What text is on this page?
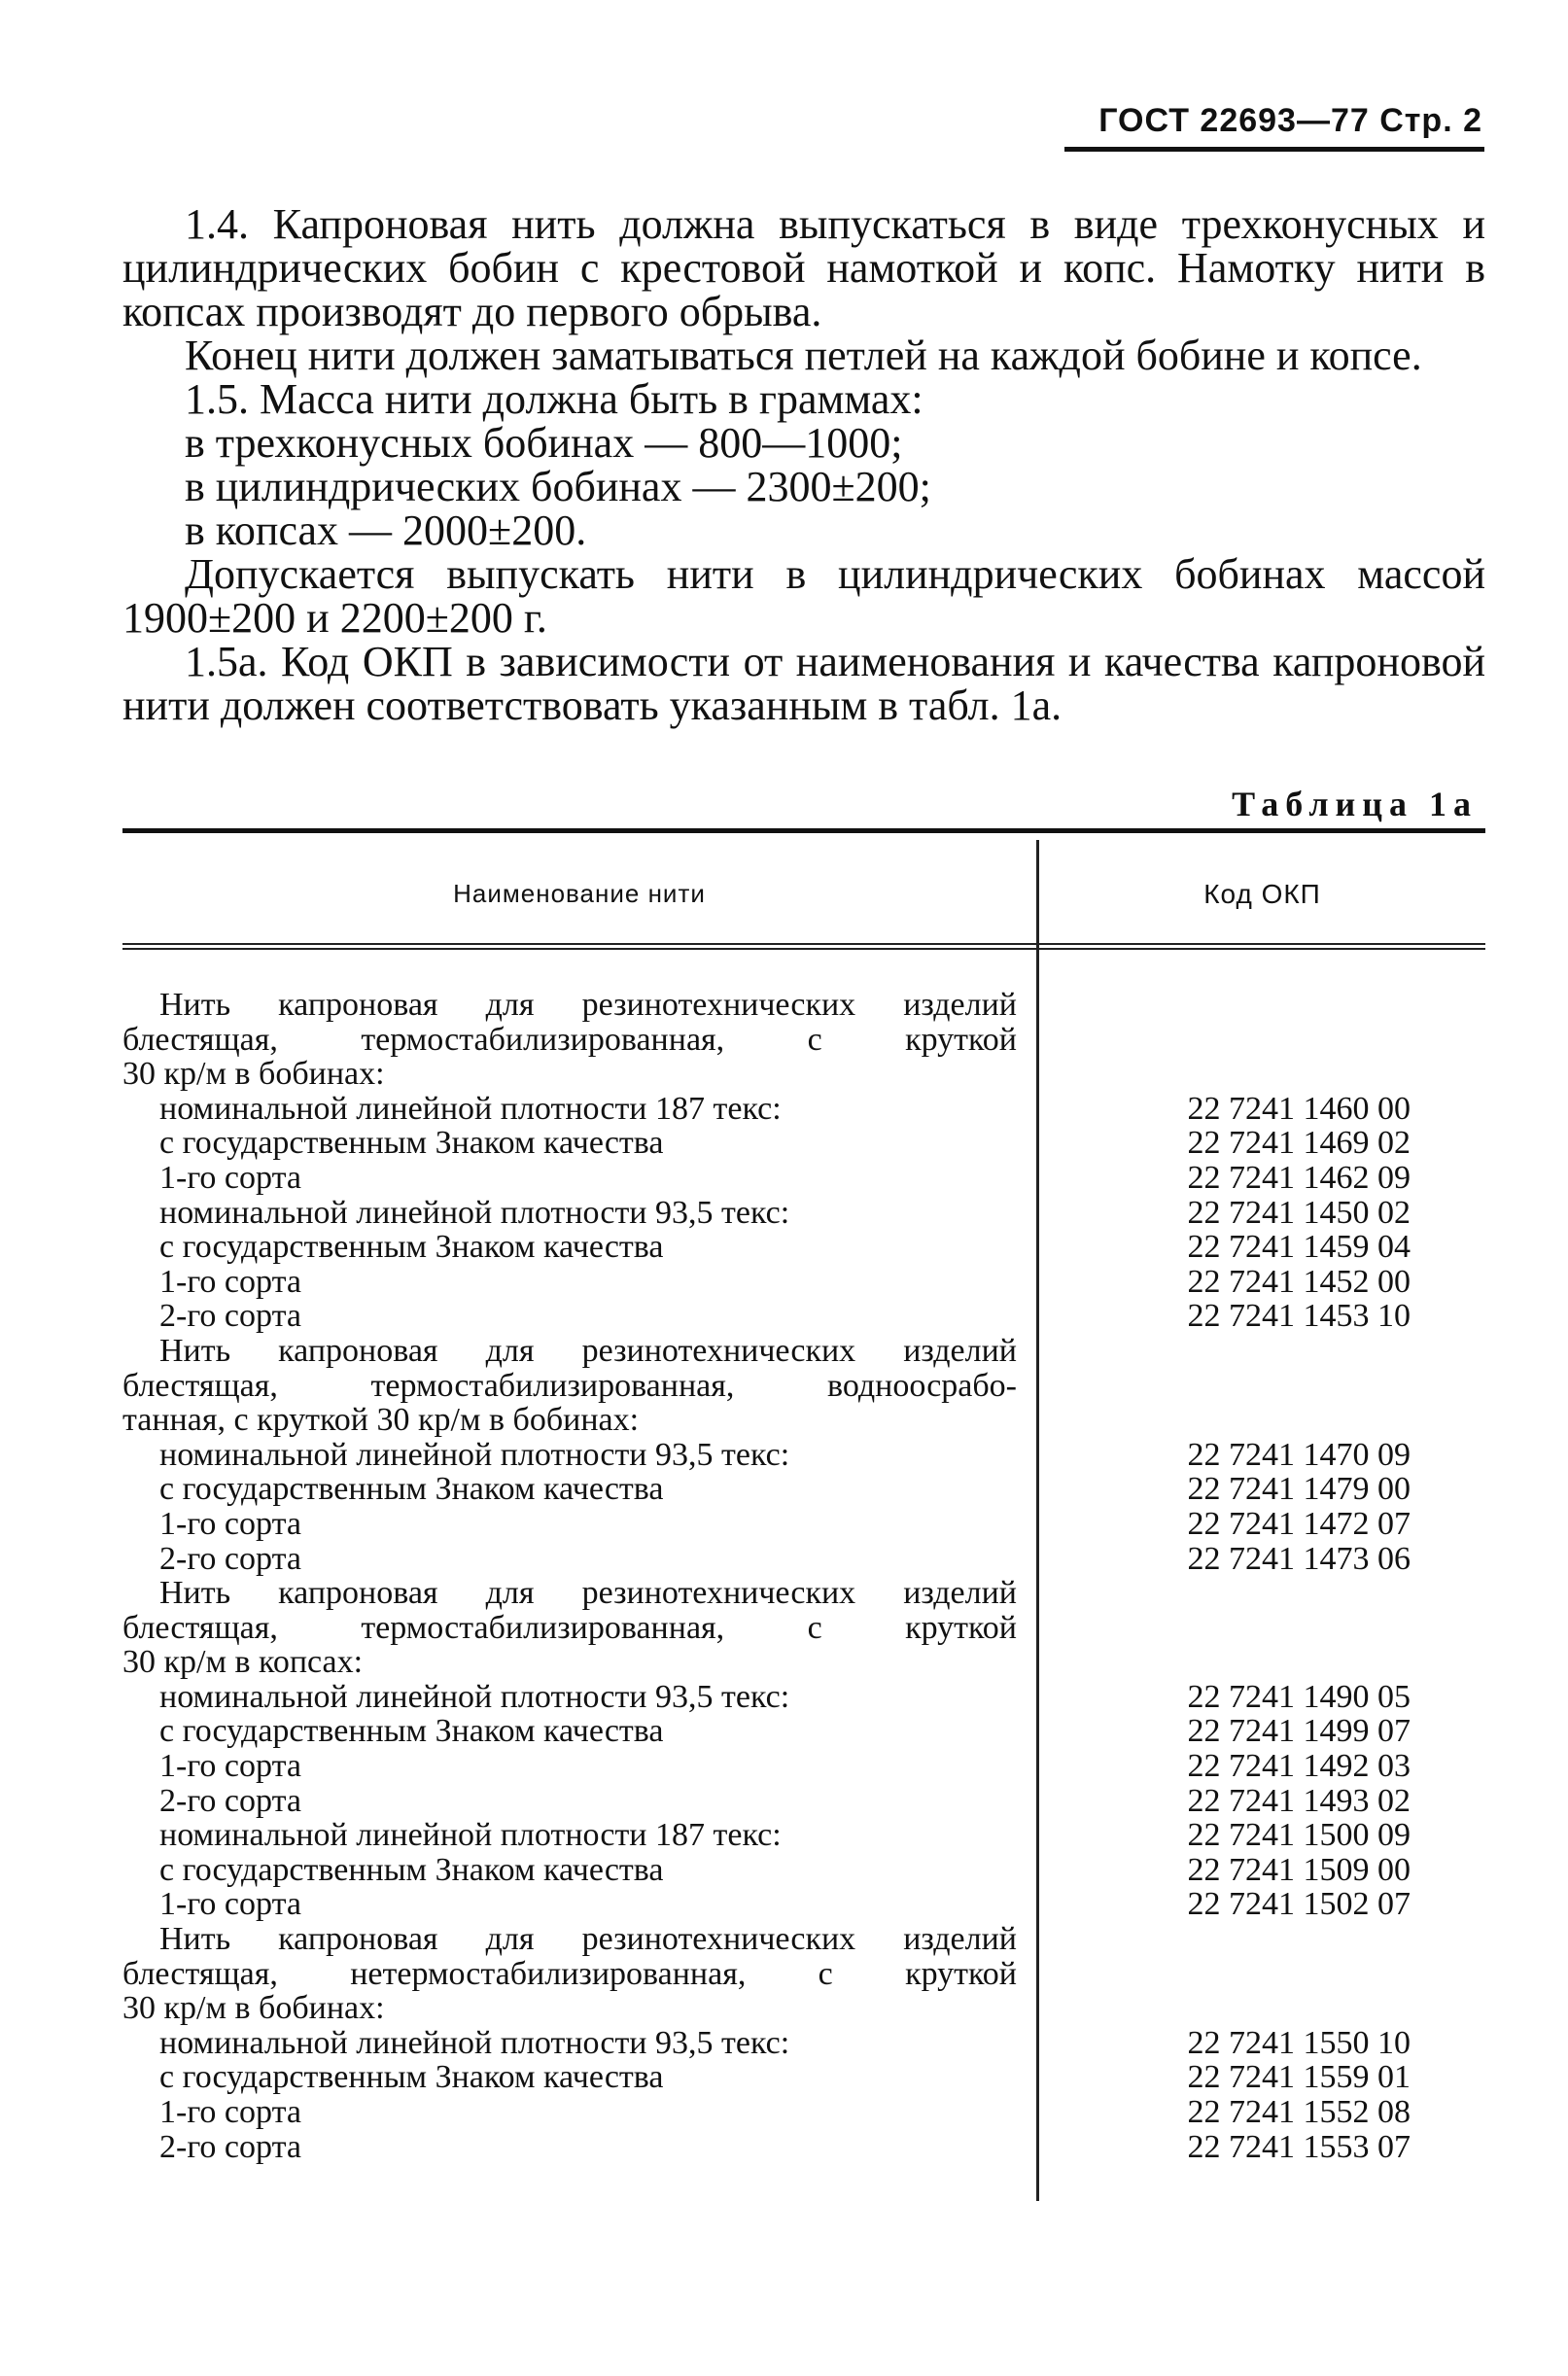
ГОСТ 22693—77 Стр. 2

1.4. Капроновая нить должна выпускаться в виде трехконусных и цилиндрических бобин с крестовой намоткой и копс. Намотку нити в копсах производят до первого обрыва.

Конец нити должен заматываться петлей на каждой бобине и копсе.

1.5. Масса нити должна быть в граммах:

в трехконусных бобинах — 800—1000;

в цилиндрических бобинах — 2300±200;

в копсах — 2000±200.

Допускается выпускать нити в цилиндрических бобинах массой 1900±200 и 2200±200 г.

1.5а. Код ОКП в зависимости от наименования и качества капроновой нити должен соответствовать указанным в табл. 1а.

Таблица 1а
Наименование нити	Код ОКП
Нить капроновая для резинотехнических изделий
блестящая, термостабилизированная, с круткой
30 кр/м в бобинах:
номинальной линейной плотности 187 текс:	22 7241 1460 00
с государственным Знаком качества	22 7241 1469 02
1-го сорта	22 7241 1462 09
номинальной линейной плотности 93,5 текс:	22 7241 1450 02
с государственным Знаком качества	22 7241 1459 04
1-го сорта	22 7241 1452 00
2-го сорта	22 7241 1453 10
Нить капроновая для резинотехнических изделий
блестящая, термостабилизированная, водноосрабо-
танная, с круткой 30 кр/м в бобинах:
номинальной линейной плотности 93,5 текс:	22 7241 1470 09
с государственным Знаком качества	22 7241 1479 00
1-го сорта	22 7241 1472 07
2-го сорта	22 7241 1473 06
Нить капроновая для резинотехнических изделий
блестящая, термостабилизированная, с круткой
30 кр/м в копсах:
номинальной линейной плотности 93,5 текс:	22 7241 1490 05
с государственным Знаком качества	22 7241 1499 07
1-го сорта	22 7241 1492 03
2-го сорта	22 7241 1493 02
номинальной линейной плотности 187 текс:	22 7241 1500 09
с государственным Знаком качества	22 7241 1509 00
1-го сорта	22 7241 1502 07
Нить капроновая для резинотехнических изделий
блестящая, нетермостабилизированная, с круткой
30 кр/м в бобинах:
номинальной линейной плотности 93,5 текс:	22 7241 1550 10
с государственным Знаком качества	22 7241 1559 01
1-го сорта	22 7241 1552 08
2-го сорта	22 7241 1553 07
